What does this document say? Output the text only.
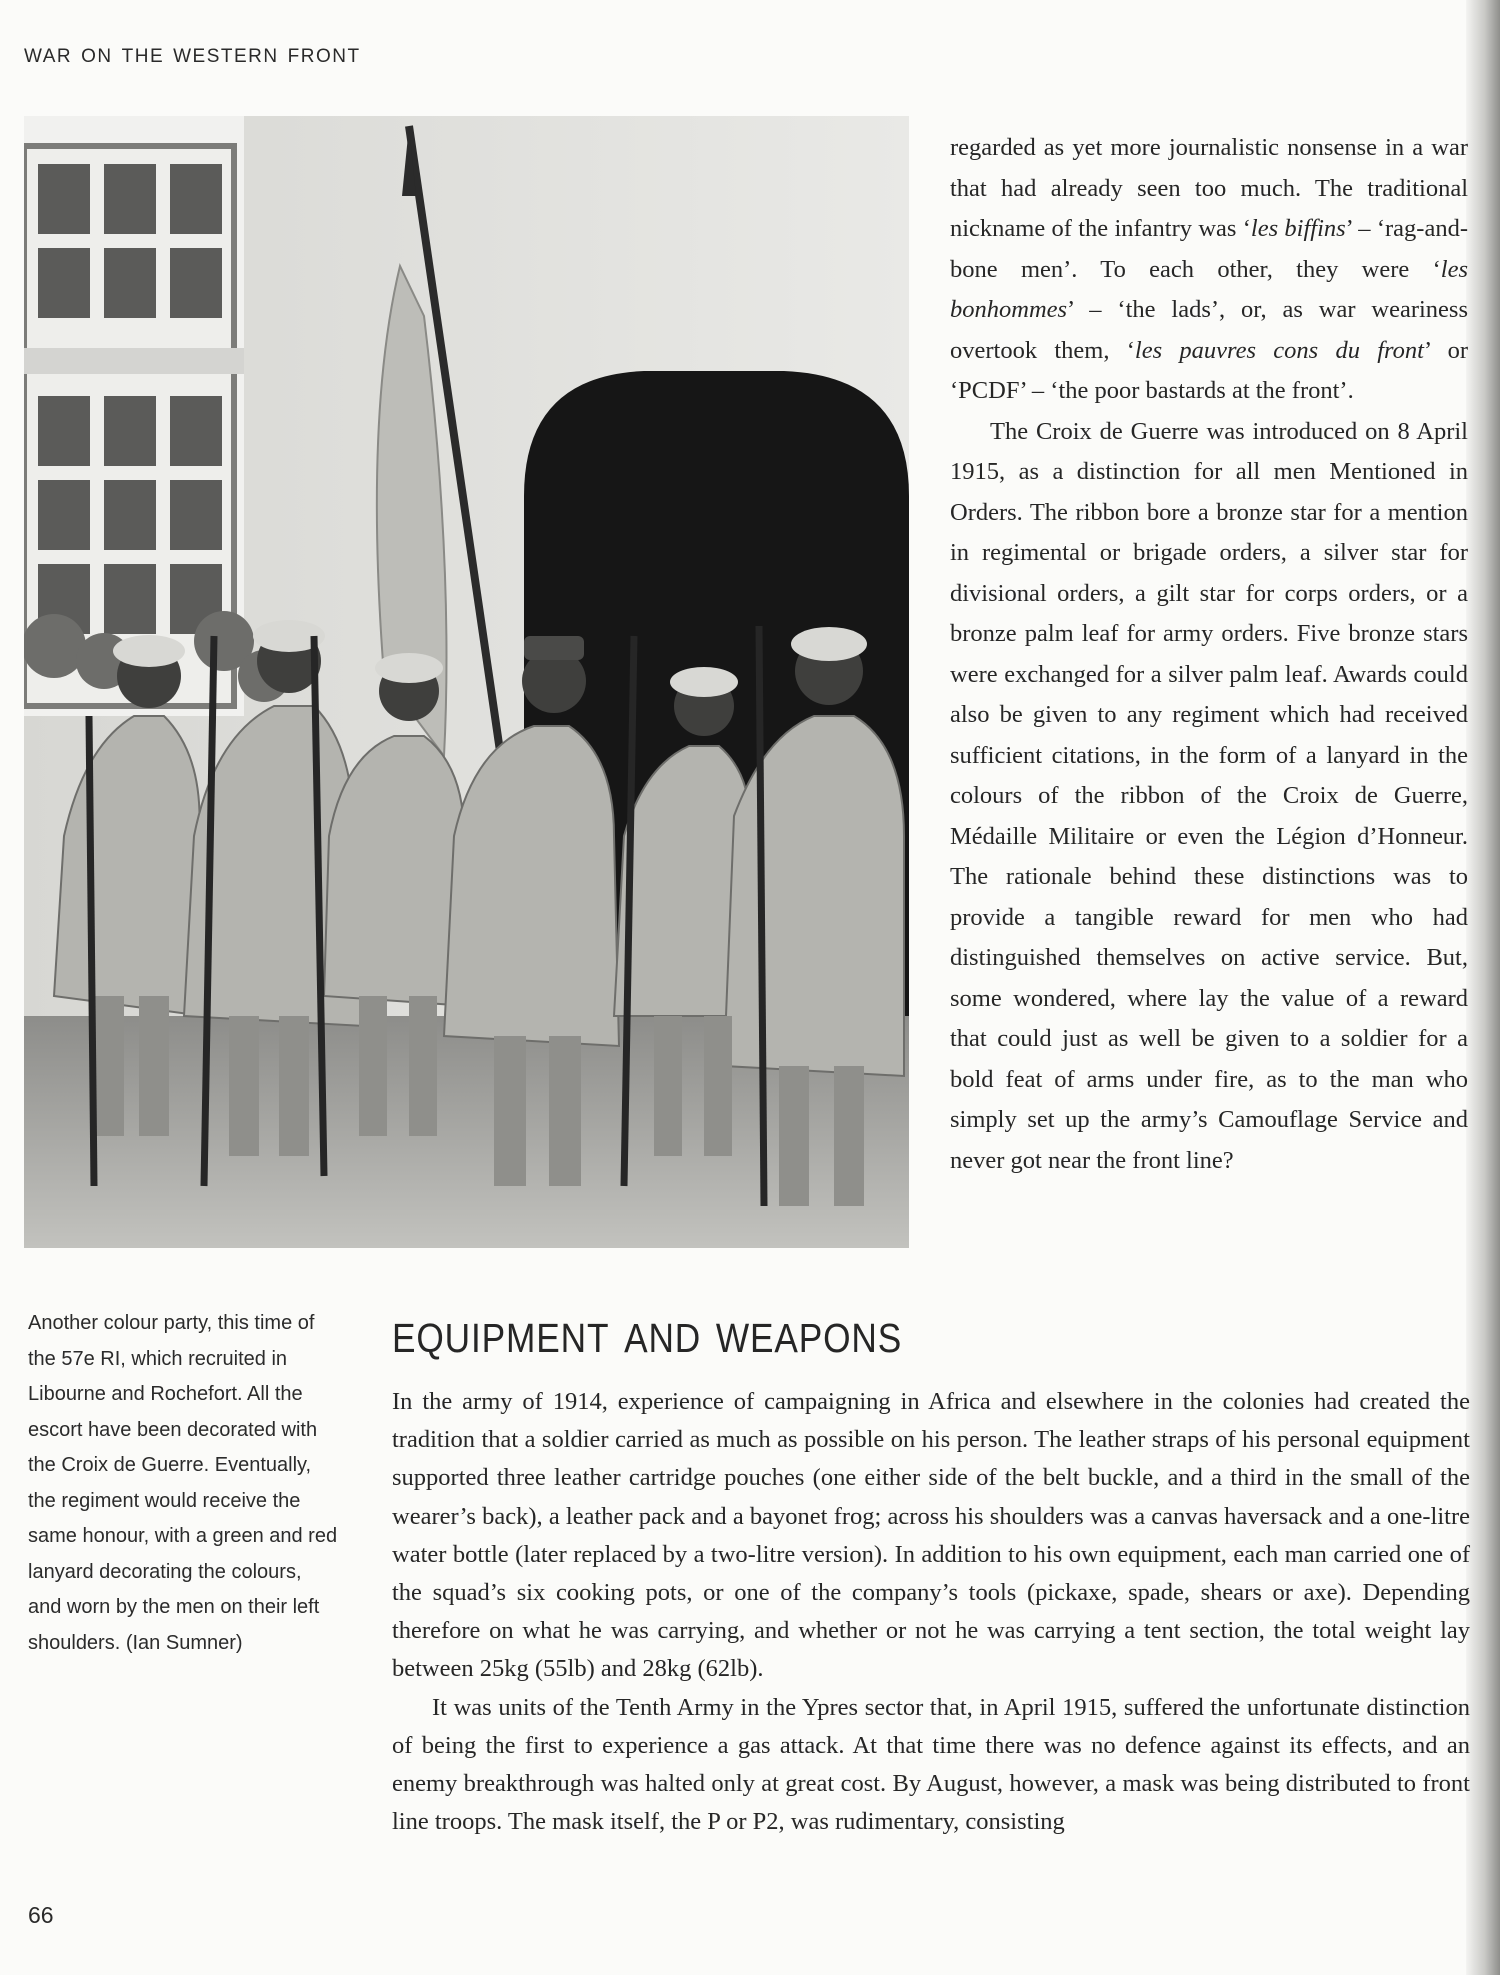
war on the western front

regarded as yet more journalistic nonsense in a war that had already seen too much. The traditional nickname of the infantry was ‘les biffins’ – ‘rag-and-bone men’. To each other, they were ‘les bonhommes’ – ‘the lads’, or, as war weariness overtook them, ‘les pauvres cons du front’ or ‘PCDF’ – ‘the poor bastards at the front’.

The Croix de Guerre was introduced on 8 April 1915, as a distinction for all men Mentioned in Orders. The ribbon bore a bronze star for a mention in regimental or brigade orders, a silver star for divisional orders, a gilt star for corps orders, or a bronze palm leaf for army orders. Five bronze stars were exchanged for a silver palm leaf. Awards could also be given to any regiment which had received sufficient citations, in the form of a lanyard in the colours of the ribbon of the Croix de Guerre, Médaille Militaire or even the Légion d’Honneur. The rationale behind these distinctions was to provide a tangible reward for men who had distinguished themselves on active service. But, some wondered, where lay the value of a reward that could just as well be given to a soldier for a bold feat of arms under fire, as to the man who simply set up the army’s Camouflage Service and never got near the front line?

Another colour party, this time of the 57e RI, which recruited in Libourne and Rochefort. All the escort have been decorated with the Croix de Guerre. Eventually, the regiment would receive the same honour, with a green and red lanyard decorating the colours, and worn by the men on their left shoulders. (Ian Sumner)
equipment and weapons

In the army of 1914, experience of campaigning in Africa and elsewhere in the colonies had created the tradition that a soldier carried as much as possible on his person. The leather straps of his personal equipment supported three leather cartridge pouches (one either side of the belt buckle, and a third in the small of the wearer’s back), a leather pack and a bayonet frog; across his shoulders was a canvas haversack and a one-litre water bottle (later replaced by a two-litre version). In addition to his own equipment, each man carried one of the squad’s six cooking pots, or one of the company’s tools (pickaxe, spade, shears or axe). Depending therefore on what he was carrying, and whether or not he was carrying a tent section, the total weight lay between 25kg (55lb) and 28kg (62lb).

It was units of the Tenth Army in the Ypres sector that, in April 1915, suffered the unfortunate distinction of being the first to experience a gas attack. At that time there was no defence against its effects, and an enemy breakthrough was halted only at great cost. By August, however, a mask was being distributed to front line troops. The mask itself, the P or P2, was rudimentary, consisting

66
